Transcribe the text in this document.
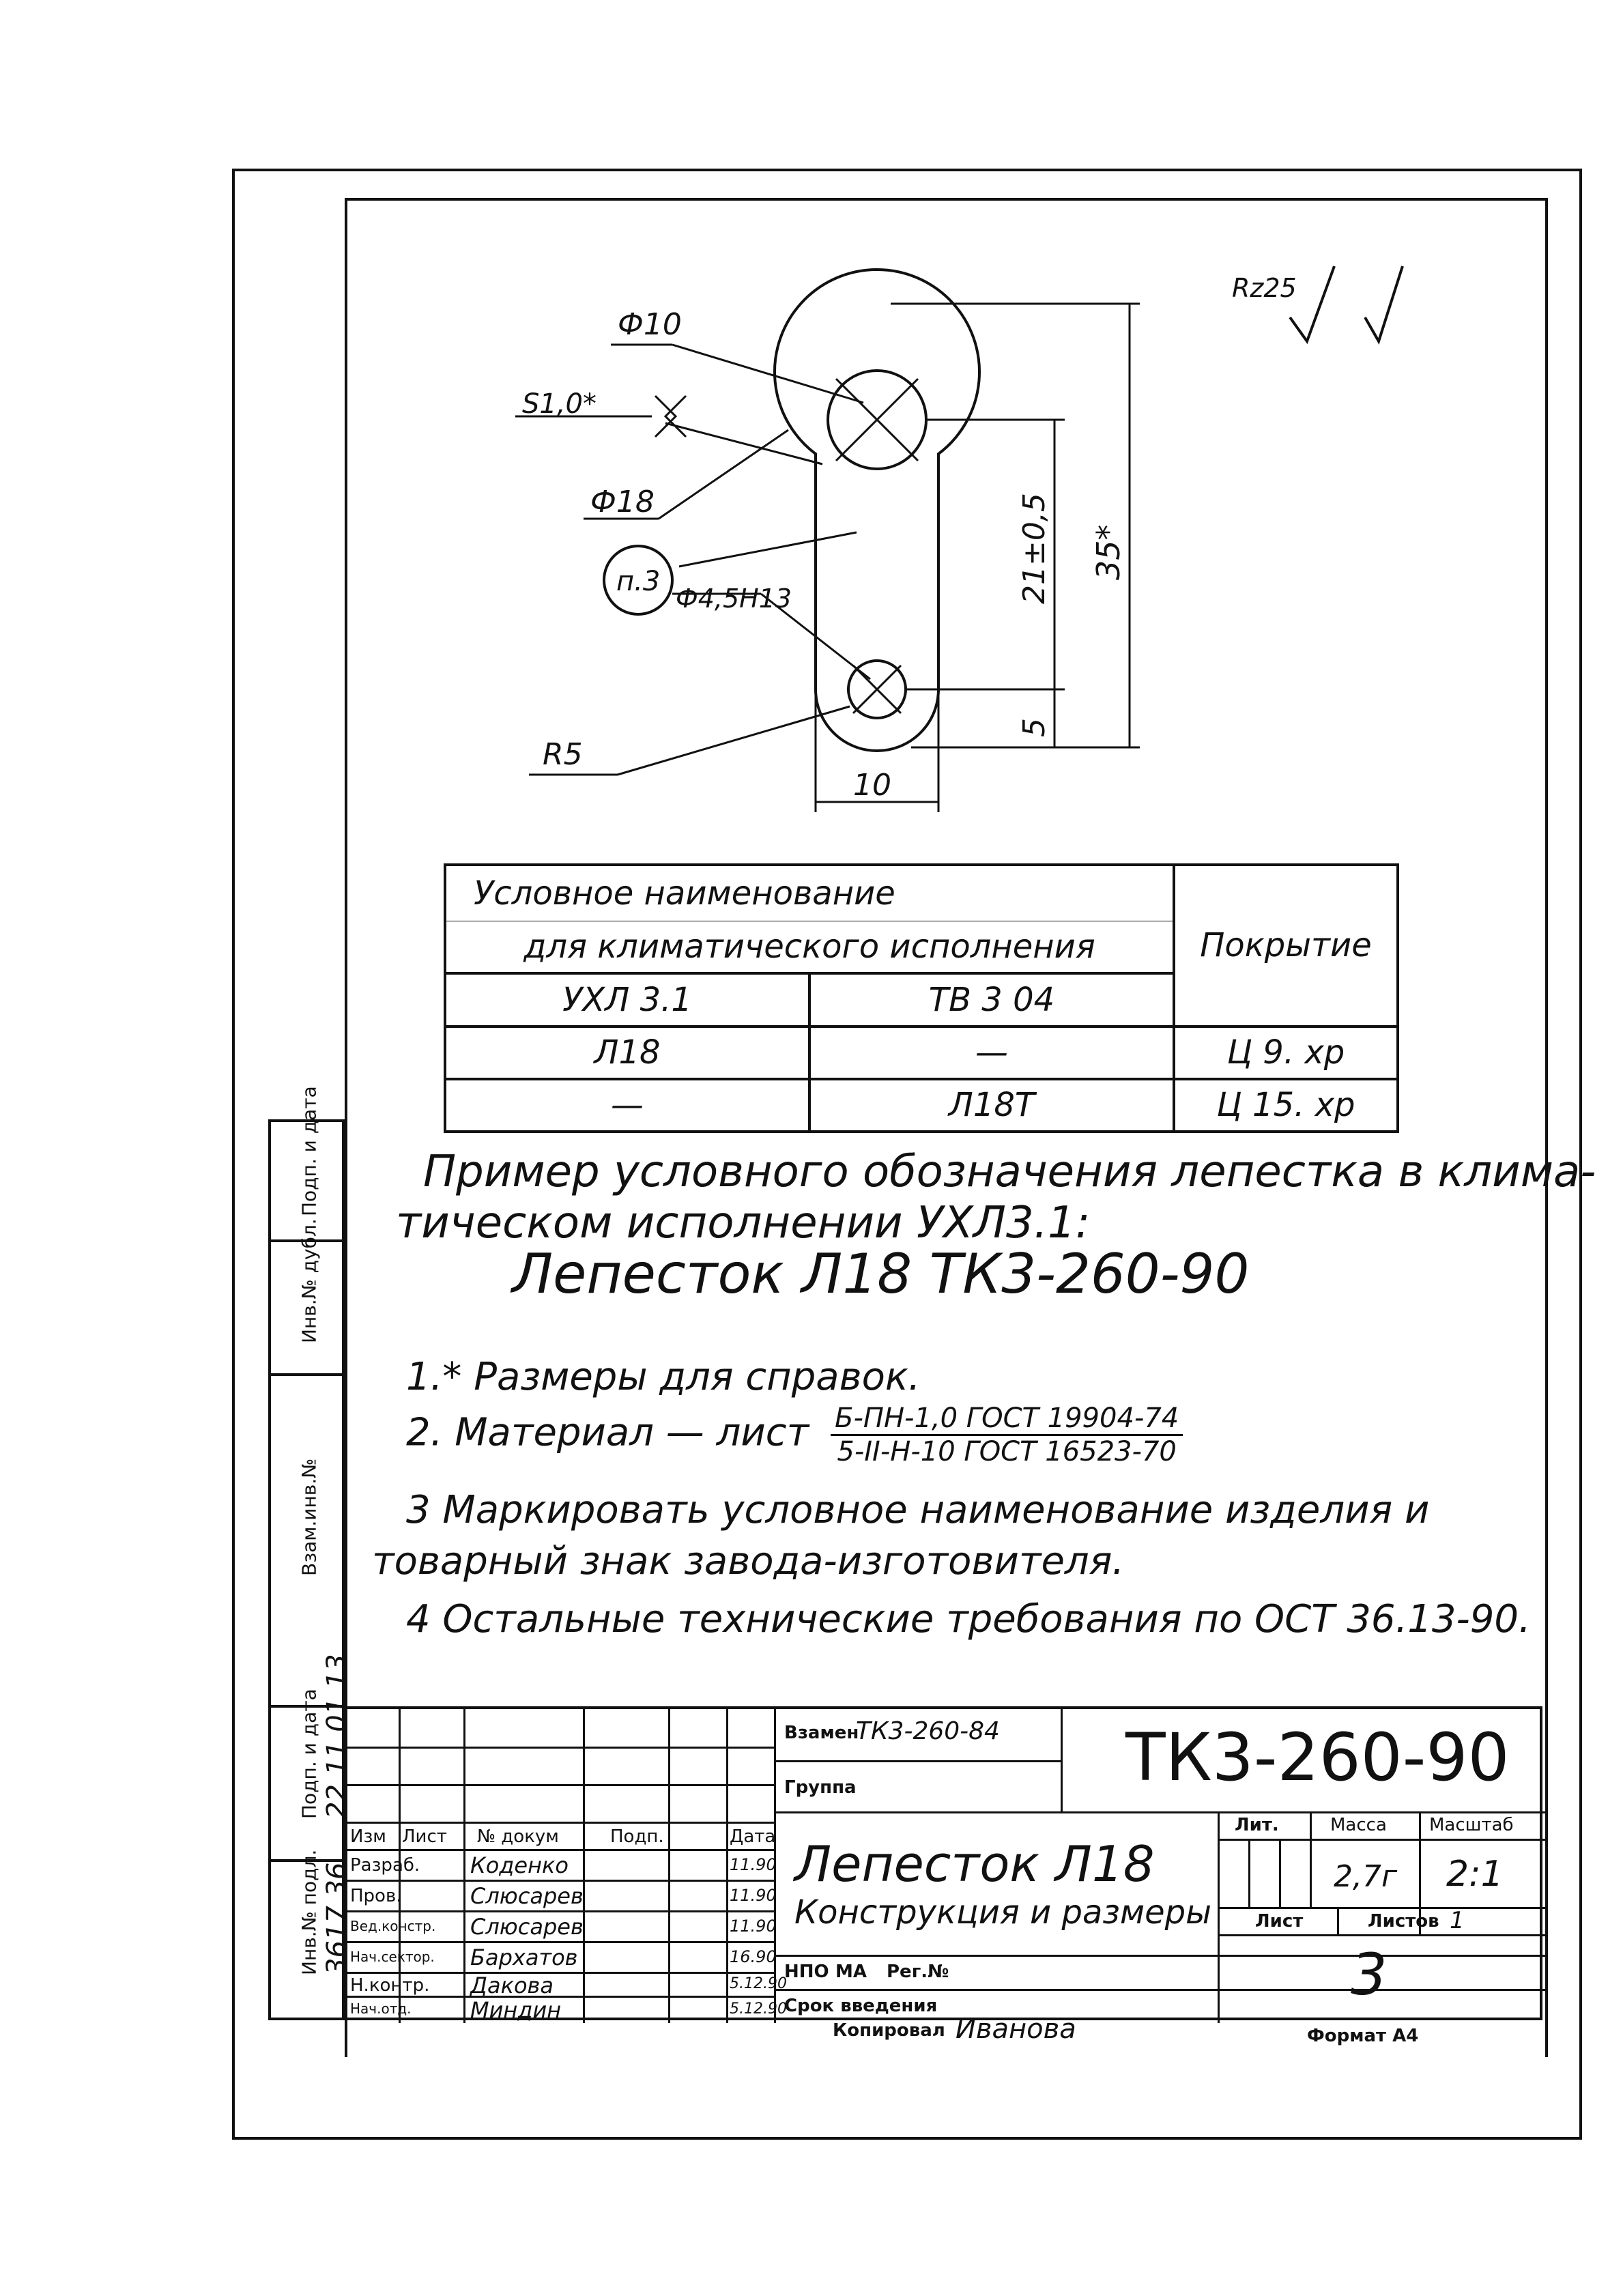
Ф10
S1,0*
Ф18
п.3
Ф4,5Н13
R5
10
5
21±0,5 35*
Rz25
Условное наименование		Покрытие
для климатического исполнения		
УХЛ 3.1	ТВ 3 04	
Л18	—	Ц 9. хр
—	Л18Т	Ц 15. хр
Пример условного обозначения лепестка в клима-
тическом исполнении УХЛ3.1:
Лепесток Л18 ТК3-260-90
1.* Размеры для справок.
2. Материал — лист $\frac{\text{Б-ПН-1,0 ГОСТ 19904-74}}{\text{5-II-Н-10 ГОСТ 16523-70}}$
3 Маркировать условное наименование изделия и
товарный знак завода-изготовителя.
4 Остальные технические требования по ОСТ 36.13-90.
Подп. и дата
Инв.№ дубл.
Взам.инв.№
Подп. и дата 22.11.01.13
Инв.№ подл. 3617 36
Изм Лист № докум	Подп.	Дата
Разраб. Коденко	11.90
Пров.	Слюсарев	11.90
Вед.констр. Слюсарев	11.90
Нач.сектор. Бархатов	16.90
Н.контр. Дакова	5.12.90
Нач.отд.	Миндин	5.12.90
Взамен
ТК3-260-84
Группа	ТК3-260-90
Лепесток Л18
Конструкция и размеры
НПО МА Рег.№
Срок введения
Лит.	Масса Масштаб
2,7г 2:1
Лист	Листов 1
3
Копировал Иванова	Формат А4
